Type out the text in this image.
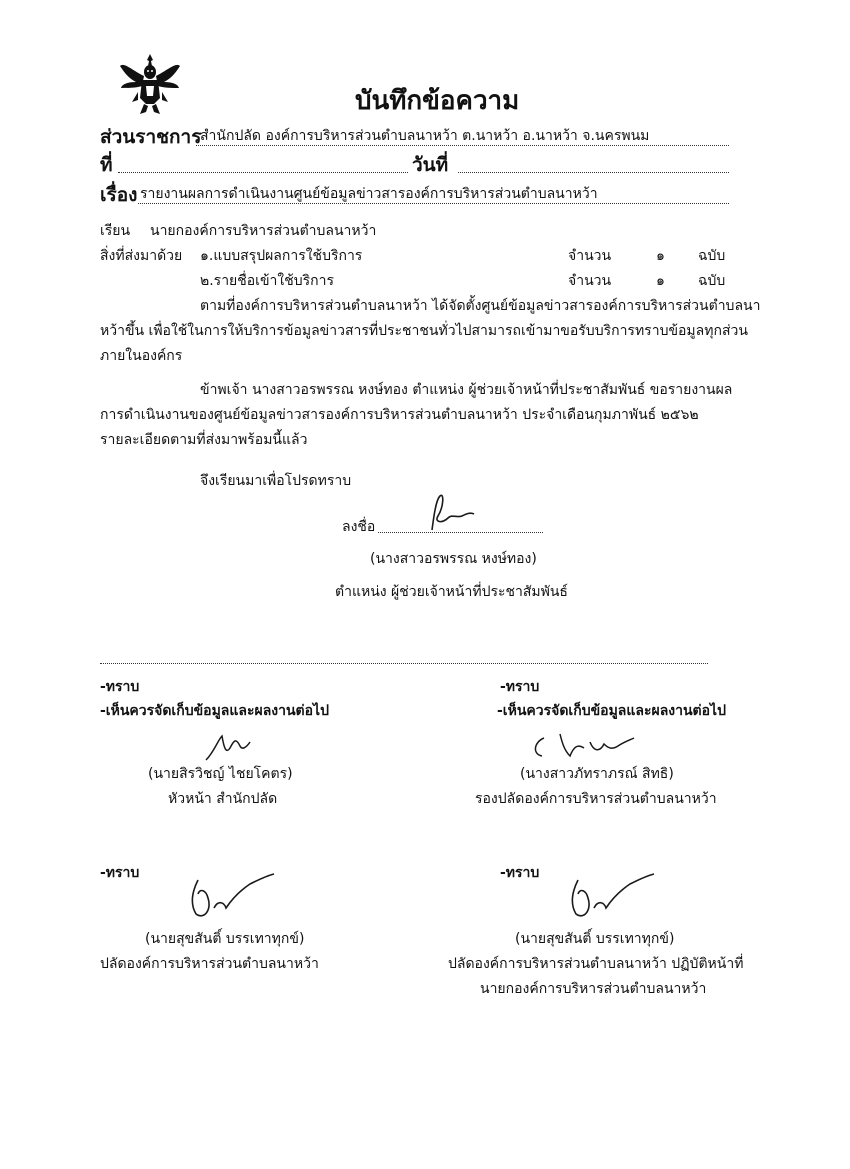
บันทึกข้อความ
ส่วนราชการ
สำนักปลัด องค์การบริหารส่วนตำบลนาหว้า ต.นาหว้า อ.นาหว้า จ.นครพนม
ที่	วันที่
เรื่อง รายงานผลการดำเนินงานศูนย์ข้อมูลข่าวสารองค์การบริหารส่วนตำบลนาหว้า
เรียน นายกองค์การบริหารส่วนตำบลนาหว้า
สิ่งที่ส่งมาด้วย ๑.แบบสรุปผลการใช้บริการ	จำนวน	๑ ฉบับ
๒.รายชื่อเข้าใช้บริการ	จำนวน	๑ ฉบับ
ตามที่องค์การบริหารส่วนตำบลนาหว้า ได้จัดตั้งศูนย์ข้อมูลข่าวสารองค์การบริหารส่วนตำบลนา
หว้าขึ้น เพื่อใช้ในการให้บริการข้อมูลข่าวสารที่ประชาชนทั่วไปสามารถเข้ามาขอรับบริการทราบข้อมูลทุกส่วน
ภายในองค์กร
ข้าพเจ้า นางสาวอรพรรณ หงษ์ทอง ตำแหน่ง ผู้ช่วยเจ้าหน้าที่ประชาสัมพันธ์ ขอรายงานผล
การดำเนินงานของศูนย์ข้อมูลข่าวสารองค์การบริหารส่วนตำบลนาหว้า ประจำเดือนกุมภาพันธ์ ๒๕๖๒
รายละเอียดตามที่ส่งมาพร้อมนี้แล้ว
จึงเรียนมาเพื่อโปรดทราบ
ลงชื่อ
(นางสาวอรพรรณ หงษ์ทอง)
ตำแหน่ง ผู้ช่วยเจ้าหน้าที่ประชาสัมพันธ์
-ทราบ
-เห็นควรจัดเก็บข้อมูลและผลงานต่อไป
(นายสิรวิชญ์ ไชยโคตร)
หัวหน้า สำนักปลัด
-ทราบ
-เห็นควรจัดเก็บข้อมูลและผลงานต่อไป
(นางสาวภัทราภรณ์ สิทธิ)
รองปลัดองค์การบริหารส่วนตำบลนาหว้า
-ทราบ
(นายสุขสันติ์ บรรเทาทุกข์)
ปลัดองค์การบริหารส่วนตำบลนาหว้า
-ทราบ
(นายสุขสันติ์ บรรเทาทุกข์)
ปลัดองค์การบริหารส่วนตำบลนาหว้า ปฏิบัติหน้าที่
นายกองค์การบริหารส่วนตำบลนาหว้า
